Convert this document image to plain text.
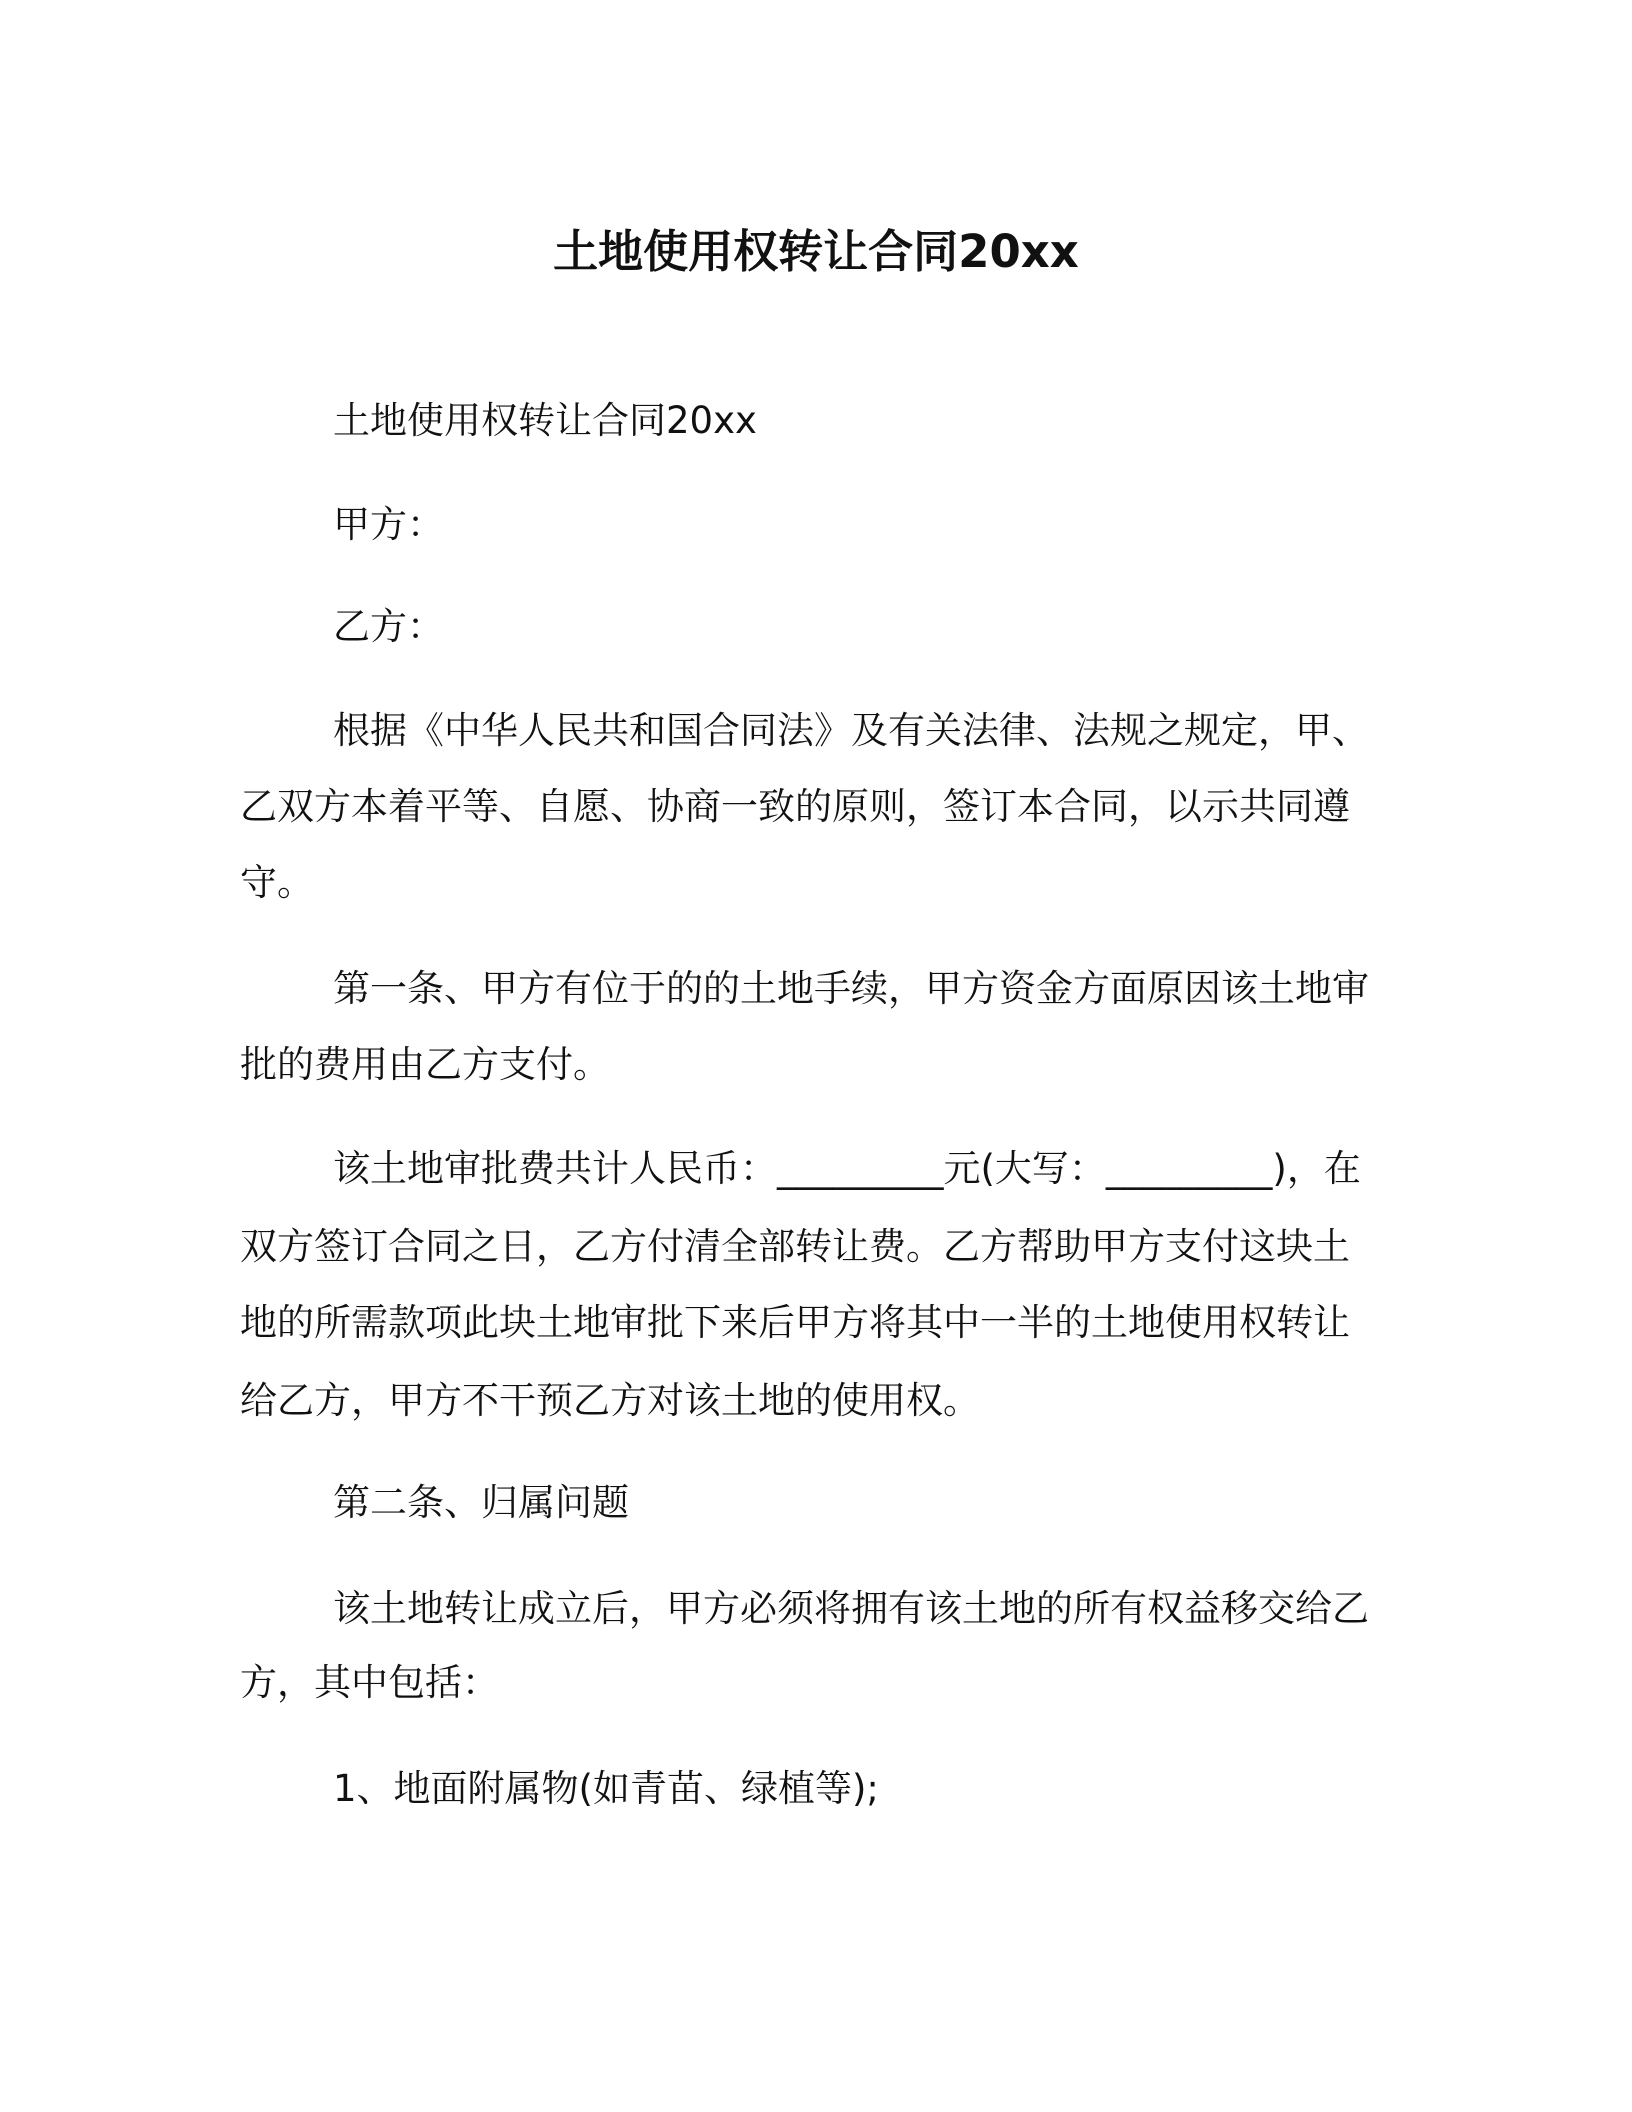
土地使用权转让合同20xx

土地使用权转让合同20xx

甲方：

乙方：

根据《中华人民共和国合同法》及有关法律、法规之规定，甲、

乙双方本着平等、自愿、协商一致的原则，签订本合同，以示共同遵

守。

第一条、甲方有位于的的土地手续，甲方资金方面原因该土地审

批的费用由乙方支付。

该土地审批费共计人民币：_________元(大写：_________)，在

双方签订合同之日，乙方付清全部转让费。乙方帮助甲方支付这块土

地的所需款项此块土地审批下来后甲方将其中一半的土地使用权转让

给乙方，甲方不干预乙方对该土地的使用权。

第二条、归属问题

该土地转让成立后，甲方必须将拥有该土地的所有权益移交给乙

方，其中包括：

1、地面附属物(如青苗、绿植等);
